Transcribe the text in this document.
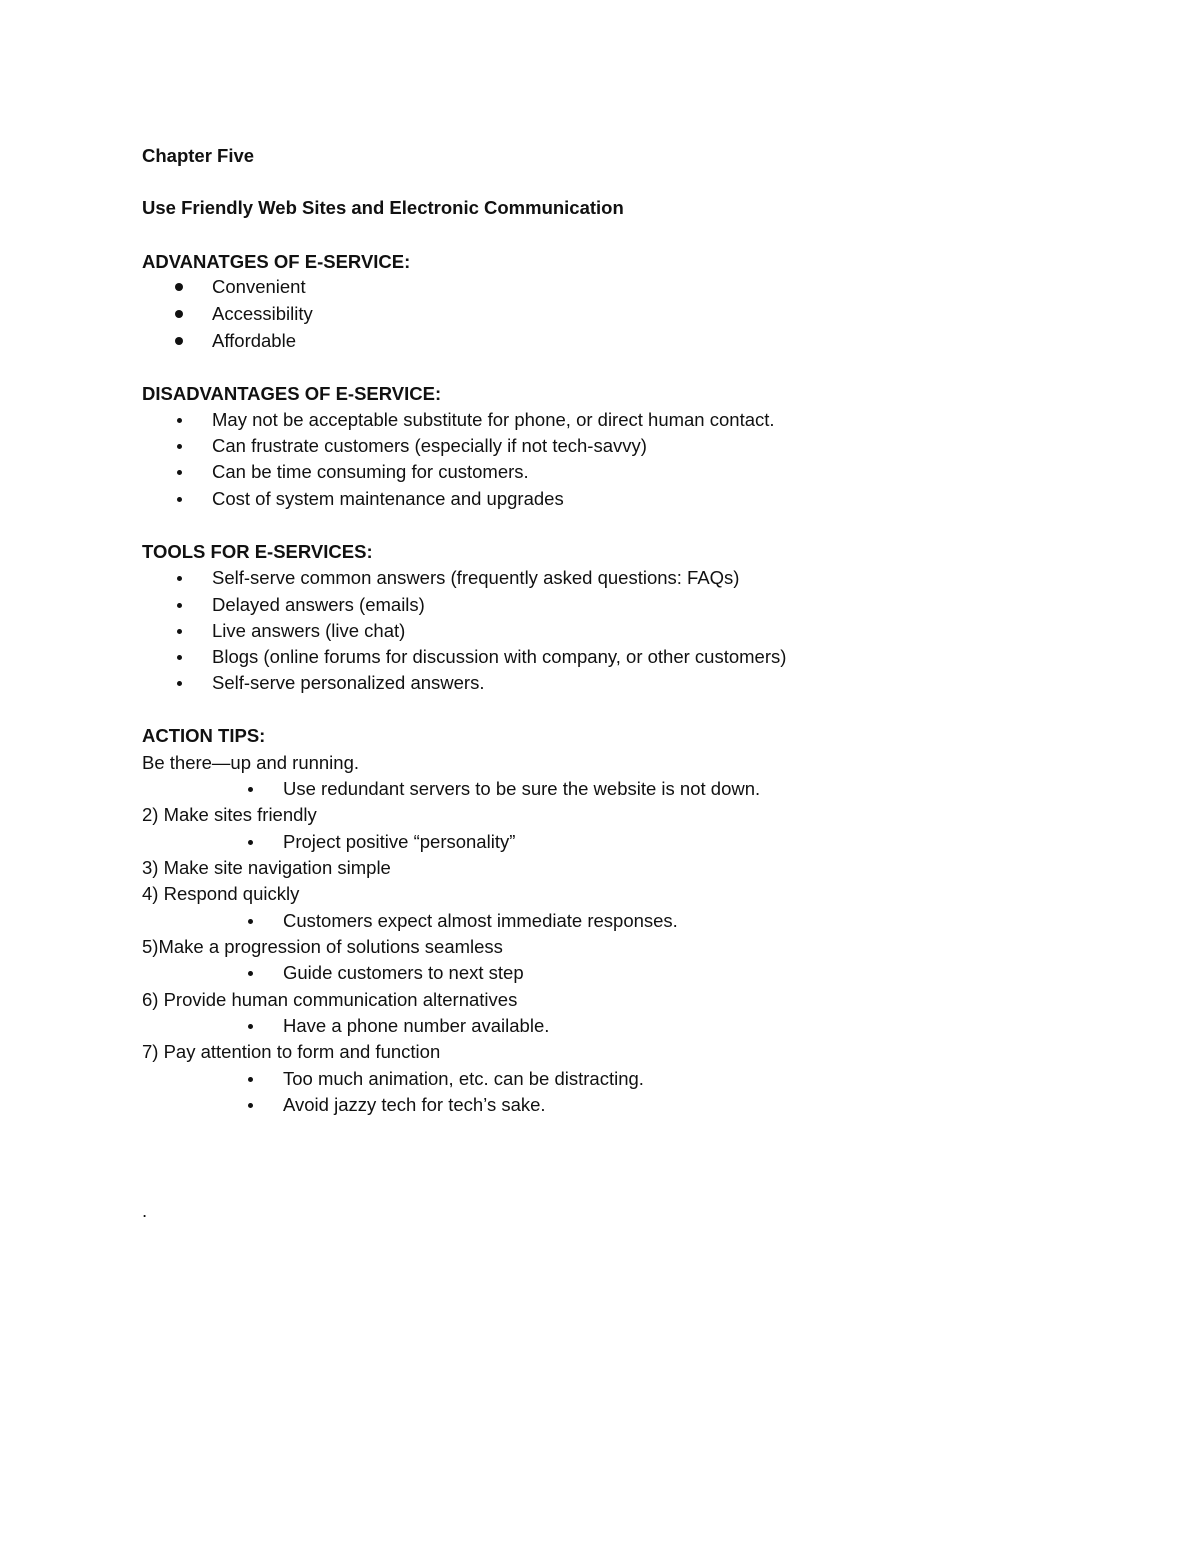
Chapter Five
Use Friendly Web Sites and Electronic Communication
ADVANATGES OF E-SERVICE:
Convenient
Accessibility
Affordable
DISADVANTAGES OF E-SERVICE:
May not be acceptable substitute for phone, or direct human contact.
Can frustrate customers (especially if not tech-savvy)
Can be time consuming for customers.
Cost of system maintenance and upgrades
TOOLS FOR E-SERVICES:
Self-serve common answers (frequently asked questions: FAQs)
Delayed answers (emails)
Live answers (live chat)
Blogs (online forums for discussion with company, or other customers)
Self-serve personalized answers.
ACTION TIPS:
Be there—up and running.
Use redundant servers to be sure the website is not down.
2) Make sites friendly
Project positive “personality”
3) Make site navigation simple
4) Respond quickly
Customers expect almost immediate responses.
5)Make a progression of solutions seamless
Guide customers to next step
6) Provide human communication alternatives
Have a phone number available.
7) Pay attention to form and function
Too much animation, etc. can be distracting.
Avoid jazzy tech for tech’s sake.
.
